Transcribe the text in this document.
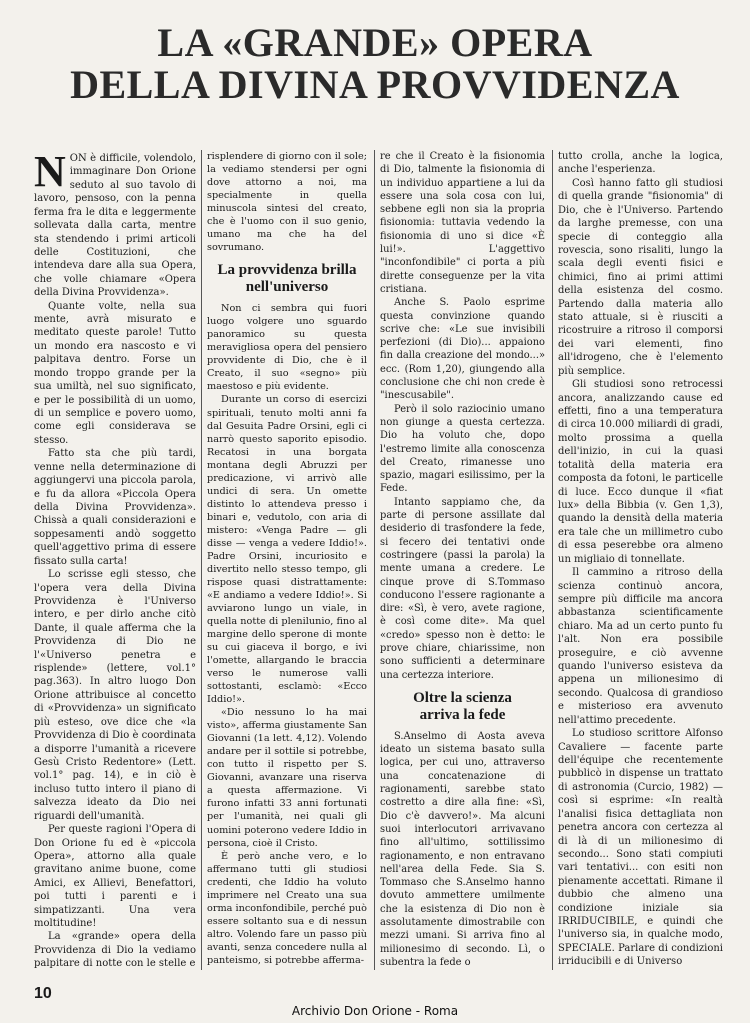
LA «GRANDE» OPERA
DELLA DIVINA PROVVIDENZA

NON è difficile, volendolo, immaginare Don Orione seduto al suo tavolo di lavoro, pensoso, con la penna ferma fra le dita e leggermente sollevata dalla carta, mentre sta stendendo i primi articoli delle Costituzioni, che intendeva dare alla sua Opera, che volle chiamare «Opera della Divina Provvidenza».

Quante volte, nella sua mente, avrà misurato e meditato queste parole! Tutto un mondo era nascosto e vi palpitava dentro. Forse un mondo troppo grande per la sua umiltà, nel suo significato, e per le possibilità di un uomo, di un semplice e povero uomo, come egli considerava se stesso.

Fatto sta che più tardi, venne nella determinazione di aggiungervi una piccola parola, e fu da allora «Piccola Opera della Divina Provvidenza». Chissà a quali considerazioni e soppesamenti andò soggetto quell'aggettivo prima di essere fissato sulla carta!

Lo scrisse egli stesso, che l'opera vera della Divina Provvidenza è l'Universo intero, e per dirlo anche citò Dante, il quale afferma che la Provvidenza di Dio ne l'«Universo penetra e risplende» (lettere, vol.1° pag.363). In altro luogo Don Orione attribuisce al concetto di «Provvidenza» un significato più esteso, ove dice che «la Provvidenza di Dio è coordinata a disporre l'umanità a ricevere Gesù Cristo Redentore» (Lett. vol.1° pag. 14), e in ciò è incluso tutto intero il piano di salvezza ideato da Dio nei riguardi dell'umanità.

Per queste ragioni l'Opera di Don Orione fu ed è «piccola Opera», attorno alla quale gravitano anime buone, come Amici, ex Allievi, Benefattori, poi tutti i parenti e i simpatizzanti. Una vera moltitudine!

La «grande» opera della Provvidenza di Dio la vediamo palpitare di notte con le stelle e

risplendere di giorno con il sole; la vediamo stendersi per ogni dove attorno a noi, ma specialmente in quella minuscola sintesi del creato, che è l'uomo con il suo genio, umano ma che ha del sovrumano.

La provvidenza brilla
nell'universo

Non ci sembra qui fuori luogo volgere uno sguardo panoramico su questa meravigliosa opera del pensiero provvidente di Dio, che è il Creato, il suo «segno» più maestoso e più evidente.

Durante un corso di esercizi spirituali, tenuto molti anni fa dal Gesuita Padre Orsini, egli ci narrò questo saporito episodio. Recatosi in una borgata montana degli Abruzzi per predicazione, vi arrivò alle undici di sera. Un omette distinto lo attendeva presso i binari e, vedutolo, con aria di mistero: «Venga Padre — gli disse — venga a vedere Iddio!». Padre Orsini, incuriosito e divertito nello stesso tempo, gli rispose quasi distrattamente: «E andiamo a vedere Iddio!». Si avviarono lungo un viale, in quella notte di plenilunio, fino al margine dello sperone di monte su cui giaceva il borgo, e ivi l'omette, allargando le braccia verso le numerose valli sottostanti, esclamò: «Ecco Iddio!».

«Dio nessuno lo ha mai visto», afferma giustamente San Giovanni (1a lett. 4,12). Volendo andare per il sottile si potrebbe, con tutto il rispetto per S. Giovanni, avanzare una riserva a questa affermazione. Vi furono infatti 33 anni fortunati per l'umanità, nei quali gli uomini poterono vedere Iddio in persona, cioè il Cristo.

È però anche vero, e lo affermano tutti gli studiosi credenti, che Iddio ha voluto imprimere nel Creato una sua orma inconfondibile, perché può essere soltanto sua e di nessun altro. Volendo fare un passo più avanti, senza concedere nulla al panteismo, si potrebbe afferma-

re che il Creato è la fisionomia di Dio, talmente la fisionomia di un individuo appartiene a lui da essere una sola cosa con lui, sebbene egli non sia la propria fisionomia: tuttavia vedendo la fisionomia di uno si dice «È lui!». L'aggettivo "inconfondibile" ci porta a più dirette conseguenze per la vita cristiana.

Anche S. Paolo esprime questa convinzione quando scrive che: «Le sue invisibili perfezioni (di Dio)... appaiono fin dalla creazione del mondo...» ecc. (Rom 1,20), giungendo alla conclusione che chi non crede è "inescusabile".

Però il solo raziocinio umano non giunge a questa certezza. Dio ha voluto che, dopo l'estremo limite alla conoscenza del Creato, rimanesse uno spazio, magari esilissimo, per la Fede.

Intanto sappiamo che, da parte di persone assillate dal desiderio di trasfondere la fede, si fecero dei tentativi onde costringere (passi la parola) la mente umana a credere. Le cinque prove di S.Tommaso conducono l'essere ragionante a dire: «Sì, è vero, avete ragione, è così come dite». Ma quel «credo» spesso non è detto: le prove chiare, chiarissime, non sono sufficienti a determinare una certezza interiore.

Oltre la scienza
arriva la fede

S.Anselmo di Aosta aveva ideato un sistema basato sulla logica, per cui uno, attraverso una concatenazione di ragionamenti, sarebbe stato costretto a dire alla fine: «Sì, Dio c'è davvero!». Ma alcuni suoi interlocutori arrivavano fino all'ultimo, sottilissimo ragionamento, e non entravano nell'area della Fede. Sia S. Tommaso che S.Anselmo hanno dovuto ammettere umilmente che la esistenza di Dio non è assolutamente dimostrabile con mezzi umani. Si arriva fino al milionesimo di secondo. Lì, o subentra la fede o

tutto crolla, anche la logica, anche l'esperienza.

Così hanno fatto gli studiosi di quella grande "fisionomia" di Dio, che è l'Universo. Partendo da larghe premesse, con una specie di conteggio alla rovescia, sono risaliti, lungo la scala degli eventi fisici e chimici, fino ai primi attimi della esistenza del cosmo. Partendo dalla materia allo stato attuale, si è riusciti a ricostruire a ritroso il comporsi dei vari elementi, fino all'idrogeno, che è l'elemento più semplice.

Gli studiosi sono retrocessi ancora, analizzando cause ed effetti, fino a una temperatura di circa 10.000 miliardi di gradi, molto prossima a quella dell'inizio, in cui la quasi totalità della materia era composta da fotoni, le particelle di luce. Ecco dunque il «fiat lux» della Bibbia (v. Gen 1,3), quando la densità della materia era tale che un millimetro cubo di essa peserebbe ora almeno un migliaio di tonnellate.

Il cammino a ritroso della scienza continuò ancora, sempre più difficile ma ancora abbastanza scientificamente chiaro. Ma ad un certo punto fu l'alt. Non era possibile proseguire, e ciò avvenne quando l'universo esisteva da appena un milionesimo di secondo. Qualcosa di grandioso e misterioso era avvenuto nell'attimo precedente.

Lo studioso scrittore Alfonso Cavaliere — facente parte dell'équipe che recentemente pubblicò in dispense un trattato di astronomia (Curcio, 1982) — così si esprime: «In realtà l'analisi fisica dettagliata non penetra ancora con certezza al di là di un milionesimo di secondo... Sono stati compiuti vari tentativi... con esiti non pienamente accettati. Rimane il dubbio che almeno una condizione iniziale sia IRRIDUCIBILE, e quindi che l'universo sia, in qualche modo, SPECIALE. Parlare di condizioni irriducibili e di Universo

10
Archivio Don Orione - Roma
